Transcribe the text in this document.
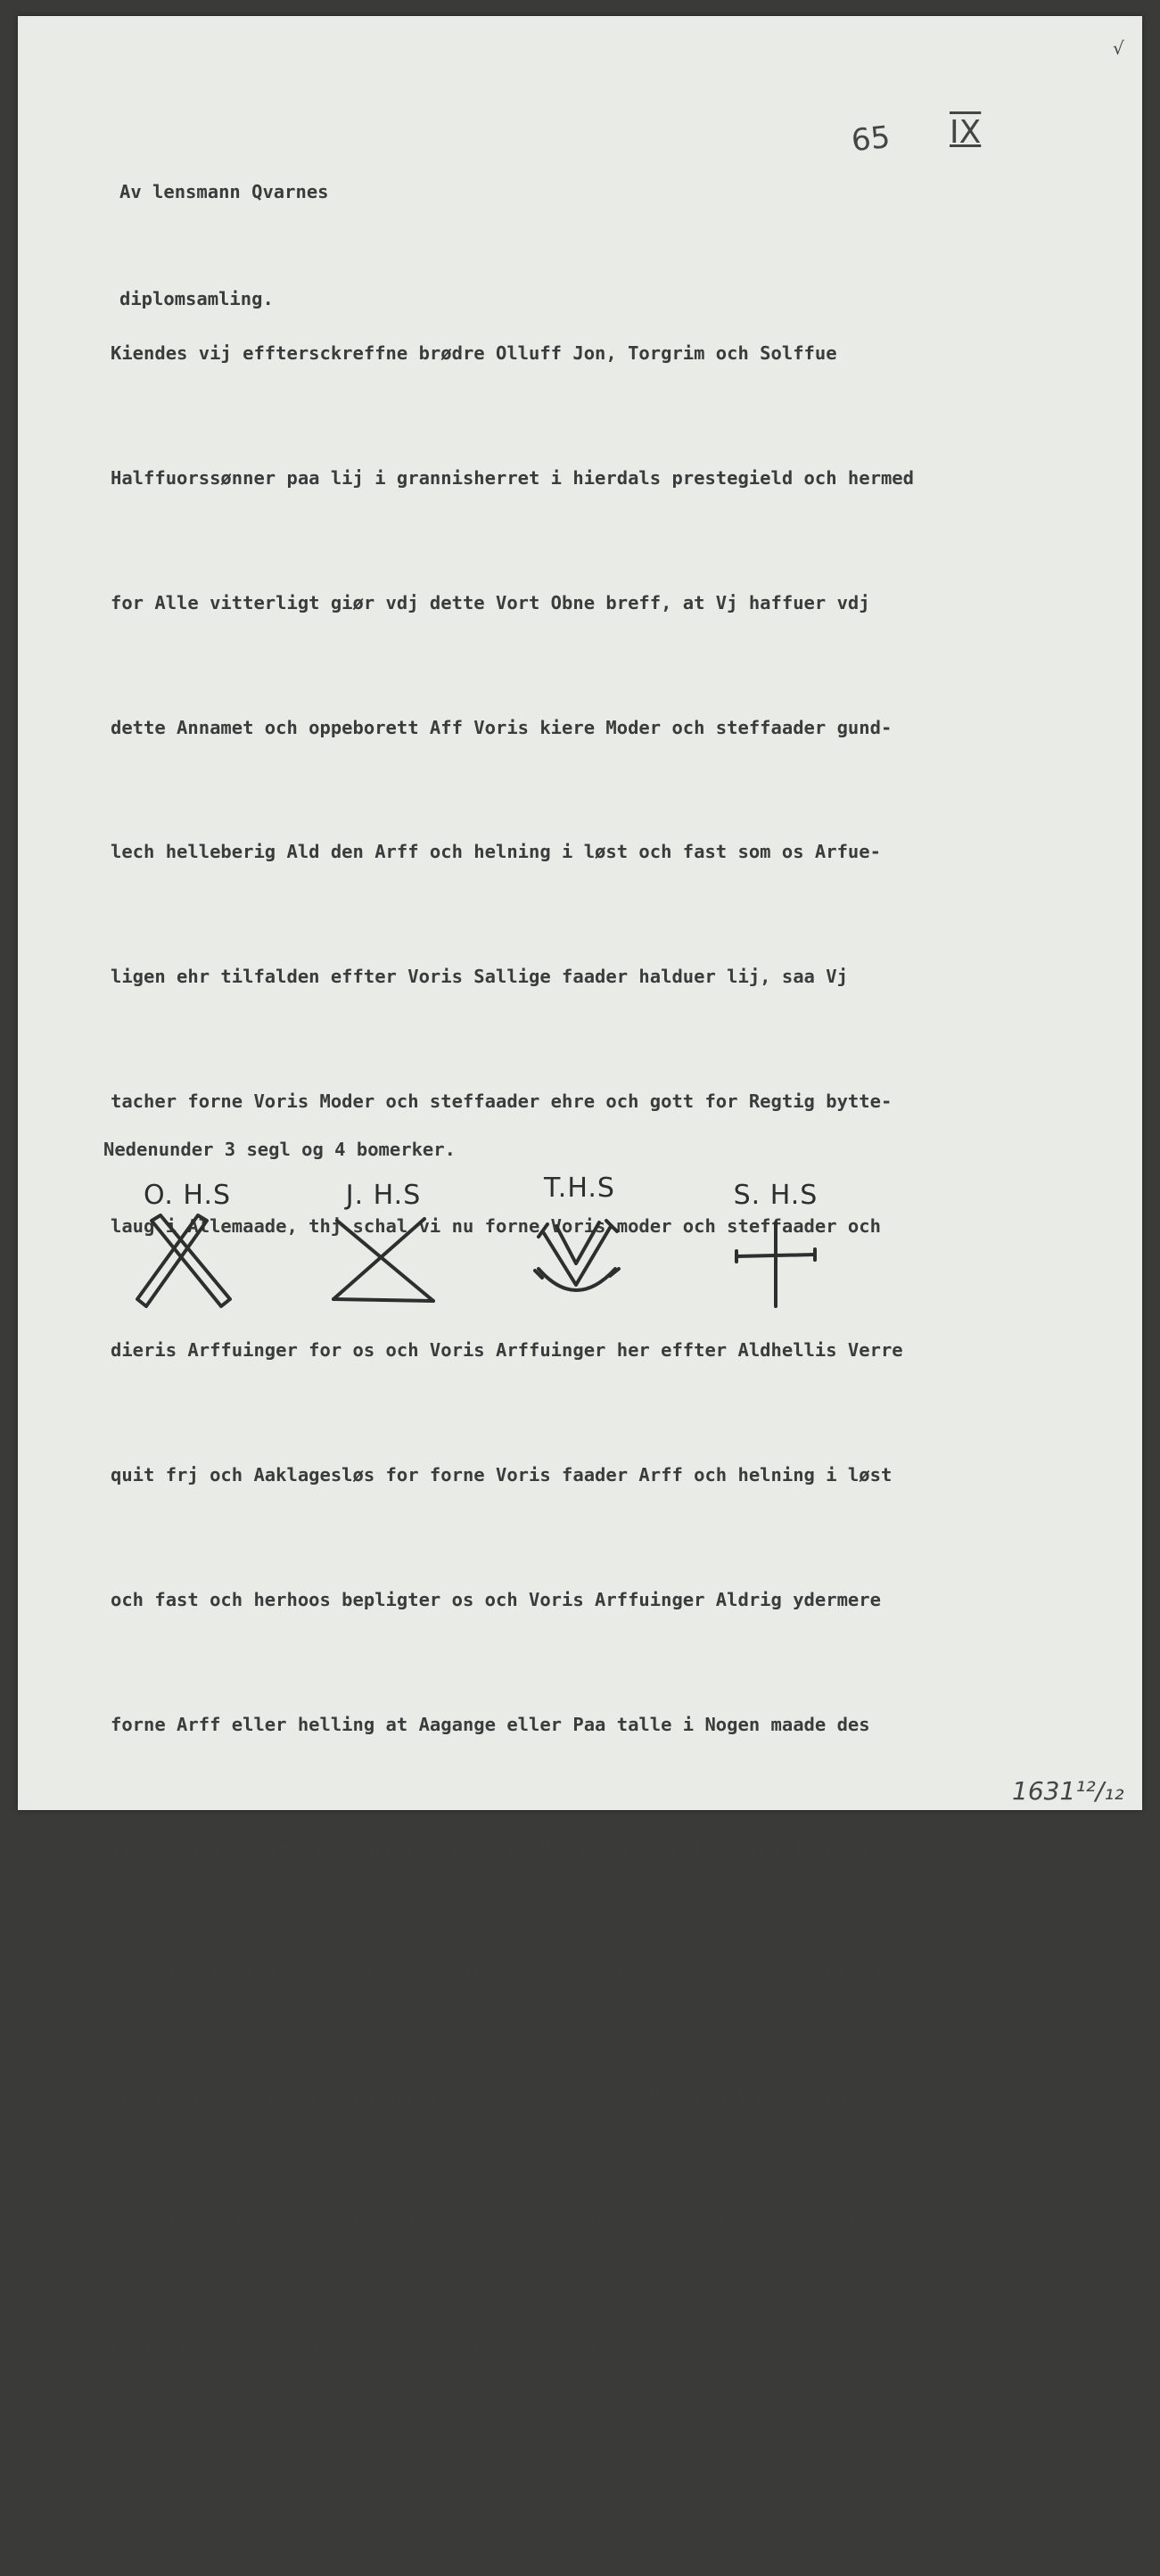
√
65 IX

Av lensmann Qvarnes

diplomsamling.

Kiendes vij efftersckreffne brødre Olluff Jon, Torgrim och Solffue

Halffuorssønner paa lij i grannisherret i hierdals prestegield och hermed

for Alle vitterligt giør vdj dette Vort Obne breff, at Vj haffuer vdj

dette Annamet och oppeborett Aff Voris kiere Moder och steffaader gund-

lech helleberig Ald den Arff och helning i løst och fast som os Arfue-

ligen ehr tilfalden effter Voris Sallige faader halduer lij, saa Vj

tacher forne Voris Moder och steffaader ehre och gott for Regtig bytte-

laug i Allemaade, thj schal vi nu forne Voris moder och steffaader och

dieris Arffuinger for os och Voris Arffuinger her effter Aldhellis Verre

quit frj och Aaklagesløs for forne Voris faader Arff och helning i løst

och fast och herhoos bepligter os och Voris Arffuinger Aldrig ydermere

forne Arff eller helling at Aagange eller Paa talle i Nogen maade des

til vindsbyrd At Saa i Sandhed ehr och Vrøgeligen hollis schall som for-

schreffuet staar das haffr Vj alle Voris Sedvanlige bomerker her neden

vnder ladet Antegne, och venligen ombedet Bertel Madtzen Voris landt-

schriffuer Jon Ness och Petter Brocke laugrettzmend dette Voris Vdgiffne

breff for os til Vitterlighed at besegle som hoos var och hørde denne

Voris forligelse, Actum Nes Steffnestue denn 12 desember Anno 1631.

Nedenunder 3 segl og 4 bomerker.
O. H.S	J. H.S	T.H.S	S. H.S
1631¹²/₁₂
